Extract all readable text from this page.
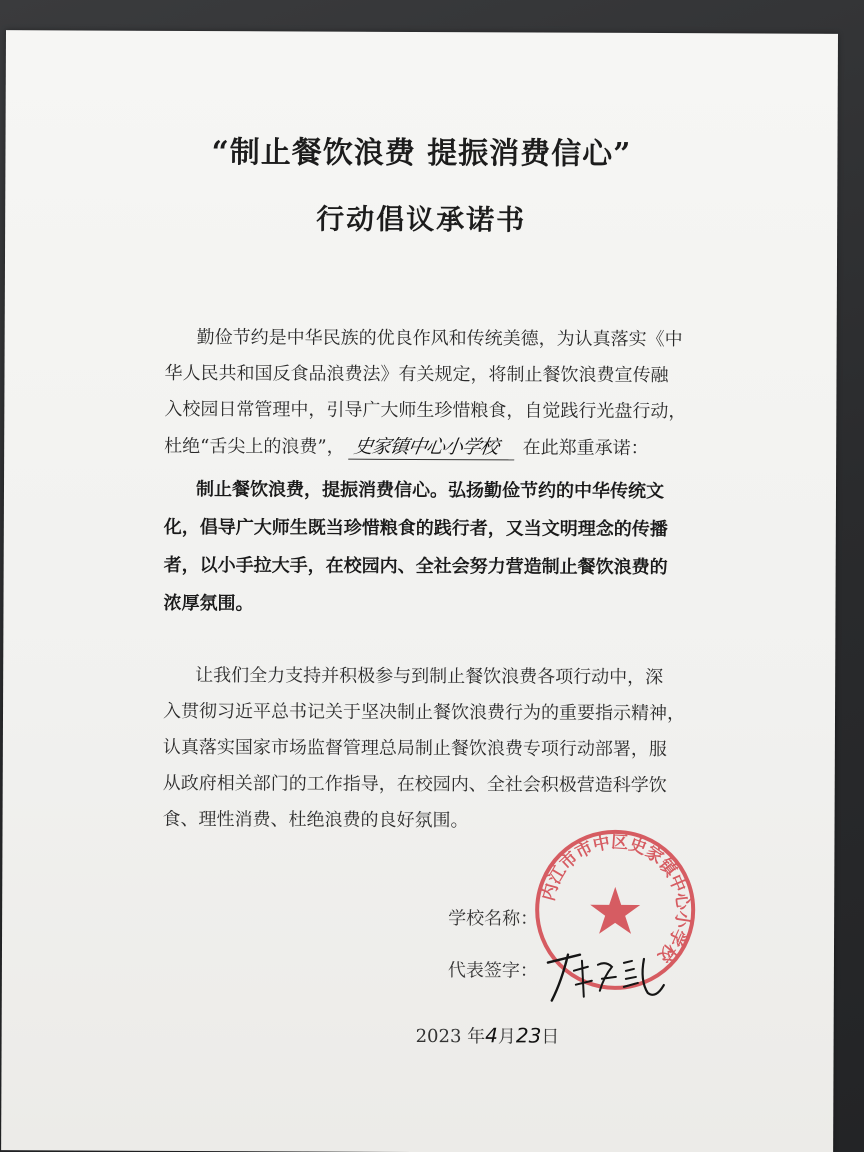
“制止餐饮浪费 提振消费信心”
行动倡议承诺书
勤俭节约是中华民族的优良作风和传统美德，为认真落实《中
华人民共和国反食品浪费法》有关规定，将制止餐饮浪费宣传融
入校园日常管理中，引导广大师生珍惜粮食，自觉践行光盘行动，
杜绝“舌尖上的浪费”， 史家镇中心小学校 在此郑重承诺：
制止餐饮浪费，提振消费信心。弘扬勤俭节约的中华传统文
化，倡导广大师生既当珍惜粮食的践行者，又当文明理念的传播
者，以小手拉大手，在校园内、全社会努力营造制止餐饮浪费的
浓厚氛围。
让我们全力支持并积极参与到制止餐饮浪费各项行动中，深
入贯彻习近平总书记关于坚决制止餐饮浪费行为的重要指示精神，
认真落实国家市场监督管理总局制止餐饮浪费专项行动部署，服
从政府相关部门的工作指导，在校园内、全社会积极营造科学饮
食、理性消费、杜绝浪费的良好氛围。
内江市市中区史家镇中心小学校
学校名称：
代表签字：
2023 年4月23日
